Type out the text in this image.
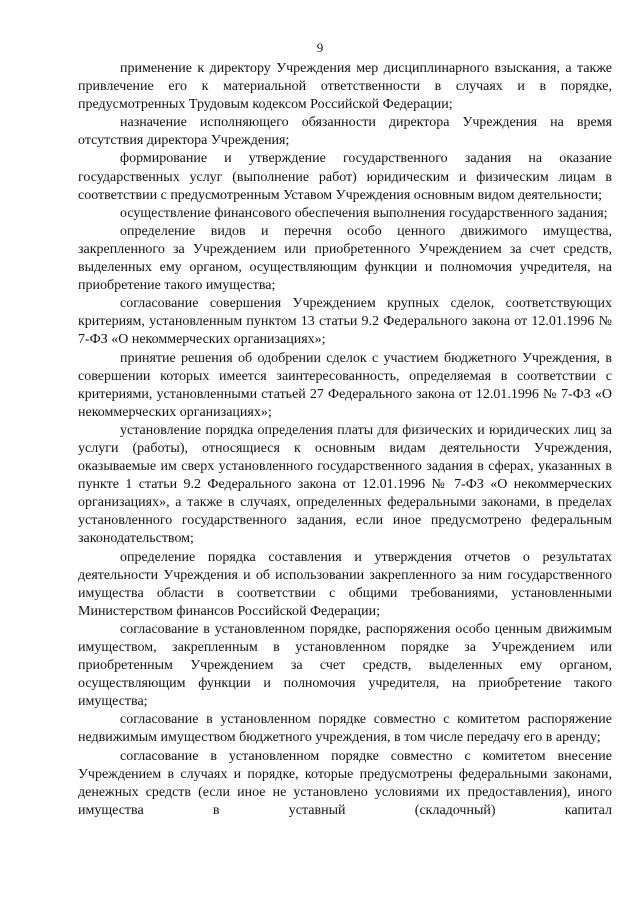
9

применение к директору Учреждения мер дисциплинарного взыскания, а также привлечение его к материальной ответственности в случаях и в порядке, предусмотренных Трудовым кодексом Российской Федерации;

назначение исполняющего обязанности директора Учреждения на время отсутствия директора Учреждения;

формирование и утверждение государственного задания на оказание государственных услуг (выполнение работ) юридическим и физическим лицам в соответствии с предусмотренным Уставом Учреждения основным видом деятельности;

осуществление финансового обеспечения выполнения государственного задания;

определение видов и перечня особо ценного движимого имущества, закрепленного за Учреждением или приобретенного Учреждением за счет средств, выделенных ему органом, осуществляющим функции и полномочия учредителя, на приобретение такого имущества;

согласование совершения Учреждением крупных сделок, соответствующих критериям, установленным пунктом 13 статьи 9.2 Федерального закона от 12.01.1996 № 7-ФЗ «О некоммерческих организациях»;

принятие решения об одобрении сделок с участием бюджетного Учреждения, в совершении которых имеется заинтересованность, определяемая в соответствии с критериями, установленными статьей 27 Федерального закона от 12.01.1996 № 7-ФЗ «О некоммерческих организациях»;

установление порядка определения платы для физических и юридических лиц за услуги (работы), относящиеся к основным видам деятельности Учреждения, оказываемые им сверх установленного государственного задания в сферах, указанных в пункте 1 статьи 9.2 Федерального закона от 12.01.1996 № 7-ФЗ «О некоммерческих организациях», а также в случаях, определенных федеральными законами, в пределах установленного государственного задания, если иное предусмотрено федеральным законодательством;

определение порядка составления и утверждения отчетов о результатах деятельности Учреждения и об использовании закрепленного за ним государственного имущества области в соответствии с общими требованиями, установленными Министерством финансов Российской Федерации;

согласование в установленном порядке, распоряжения особо ценным движимым имуществом, закрепленным в установленном порядке за Учреждением или приобретенным Учреждением за счет средств, выделенных ему органом, осуществляющим функции и полномочия учредителя, на приобретение такого имущества;

согласование в установленном порядке совместно с комитетом распоряжение недвижимым имуществом бюджетного учреждения, в том числе передачу его в аренду;

согласование в установленном порядке совместно с комитетом внесение Учреждением в случаях и порядке, которые предусмотрены федеральными законами, денежных средств (если иное не установлено условиями их предоставления), иного имущества в уставный (складочный) капитал
